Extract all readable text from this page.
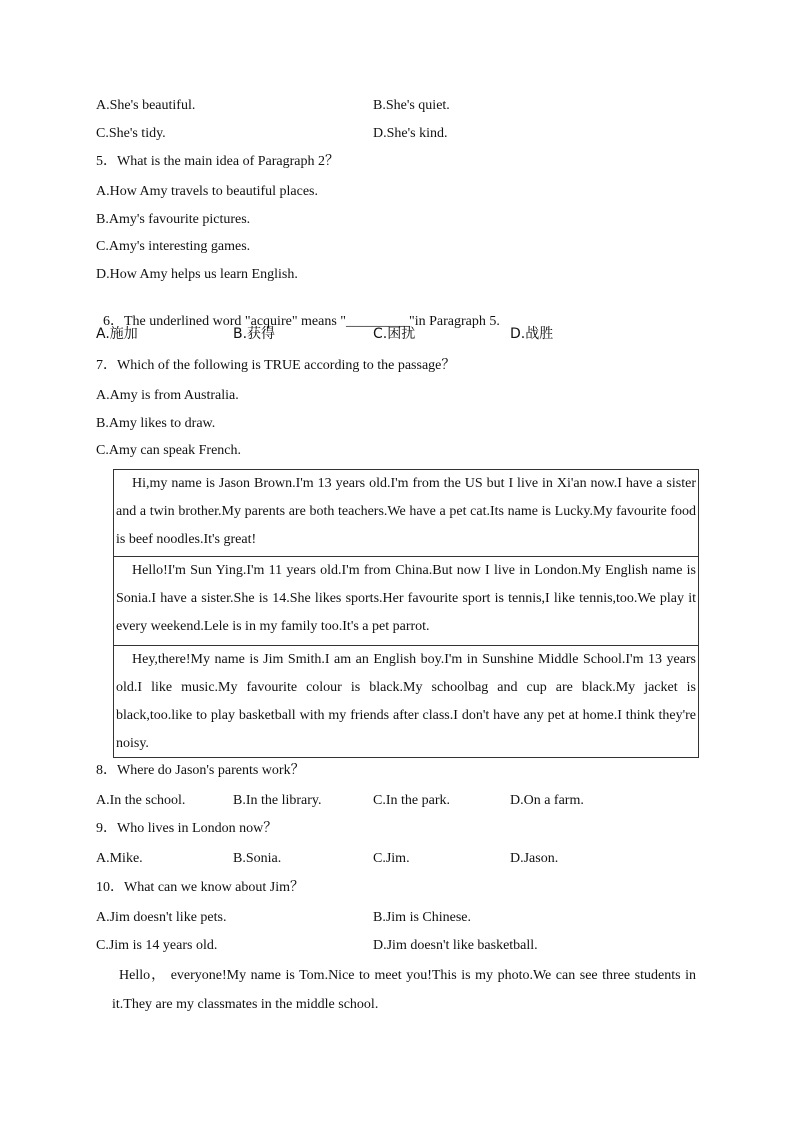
A.She's beautiful.	B.She's quiet.
C.She's tidy.	D.She's kind.
5．What is the main idea of Paragraph 2？
A.How Amy travels to beautiful places.
B.Amy's favourite pictures.
C.Amy's interesting games.
D.How Amy helps us learn English.

6．The underlined word "acquire" means "_________"in Paragraph 5.

A.施加	B.获得	C.困扰	D.战胜
7．Which of the following is TRUE according to the passage？
A.Amy is from Australia.
B.Amy likes to draw.
C.Amy can speak French.

Hi,my name is Jason Brown.I'm 13 years old.I'm from the US but I live in Xi'an now.I have a sister and a twin brother.My parents are both teachers.We have a pet cat.Its name is Lucky.My favourite food is beef noodles.It's great!

Hello!I'm Sun Ying.I'm 11 years old.I'm from China.But now I live in London.My English name is Sonia.I have a sister.She is 14.She likes sports.Her favourite sport is tennis,I like tennis,too.We play it every weekend.Lele is in my family too.It's a pet parrot.

Hey,there!My name is Jim Smith.I am an English boy.I'm in Sunshine Middle School.I'm 13 years old.I like music.My favourite colour is black.My schoolbag and cup are black.My jacket is black,too.like to play basketball with my friends after class.I don't have any pet at home.I think they're noisy.

8．Where do Jason's parents work？
A.In the school.	B.In the library.	C.In the park.	D.On a farm.
9．Who lives in London now？
A.Mike.	B.Sonia.	C.Jim.	D.Jason.
10．What can we know about Jim？
A.Jim doesn't like pets.	B.Jim is Chinese.
C.Jim is 14 years old.	D.Jim doesn't like basketball.

Hello， everyone!My name is Tom.Nice to meet you!This is my photo.We can see three students in it.They are my classmates in the middle school.
